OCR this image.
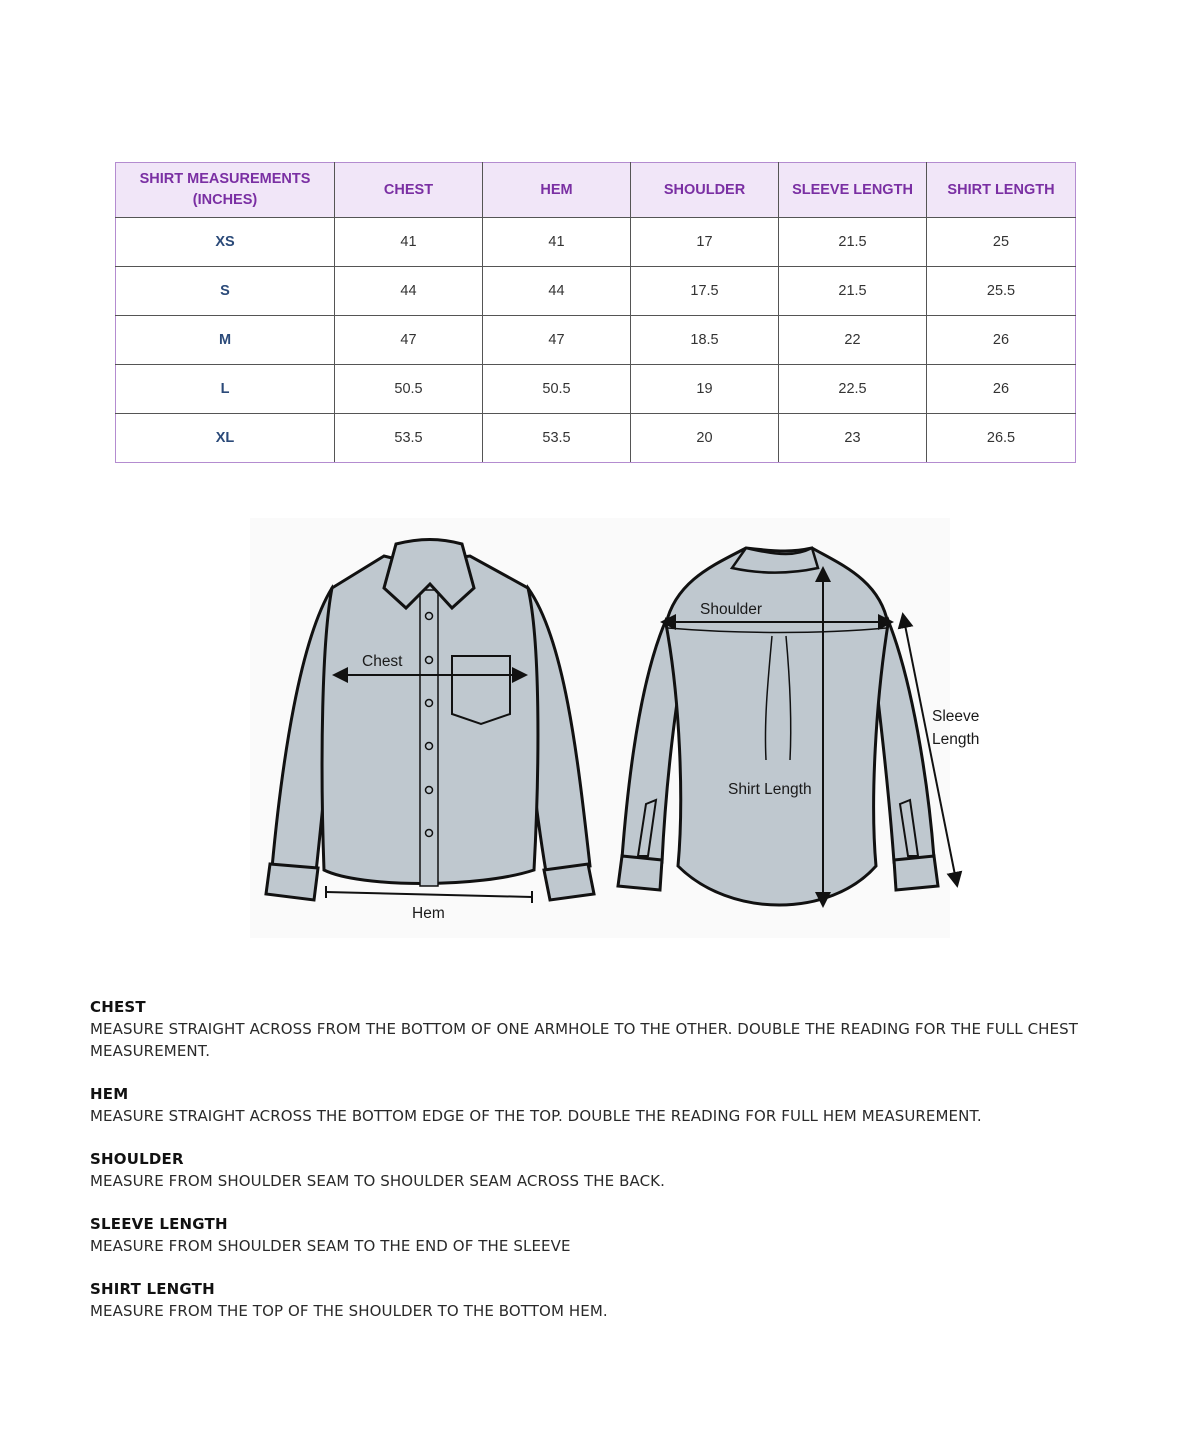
SHIRT MEASUREMENTS (INCHES)	CHEST	HEM	SHOULDER	SLEEVE LENGTH	SHIRT LENGTH
XS	41	41	17	21.5	25
S	44	44	17.5	21.5	25.5
M	47	47	18.5	22	26
L	50.5	50.5	19	22.5	26
XL	53.5	53.5	20	23	26.5
Chest
Hem
Shoulder
Shirt Length
Sleeve
Length
CHEST
MEASURE STRAIGHT ACROSS FROM THE BOTTOM OF ONE ARMHOLE TO THE OTHER. DOUBLE THE READING FOR THE FULL CHEST MEASUREMENT.
HEM
MEASURE STRAIGHT ACROSS THE BOTTOM EDGE OF THE TOP. DOUBLE THE READING FOR FULL HEM MEASUREMENT.
SHOULDER
MEASURE FROM SHOULDER SEAM TO SHOULDER SEAM ACROSS THE BACK.
SLEEVE LENGTH
MEASURE FROM SHOULDER SEAM TO THE END OF THE SLEEVE
SHIRT LENGTH
MEASURE FROM THE TOP OF THE SHOULDER TO THE BOTTOM HEM.
